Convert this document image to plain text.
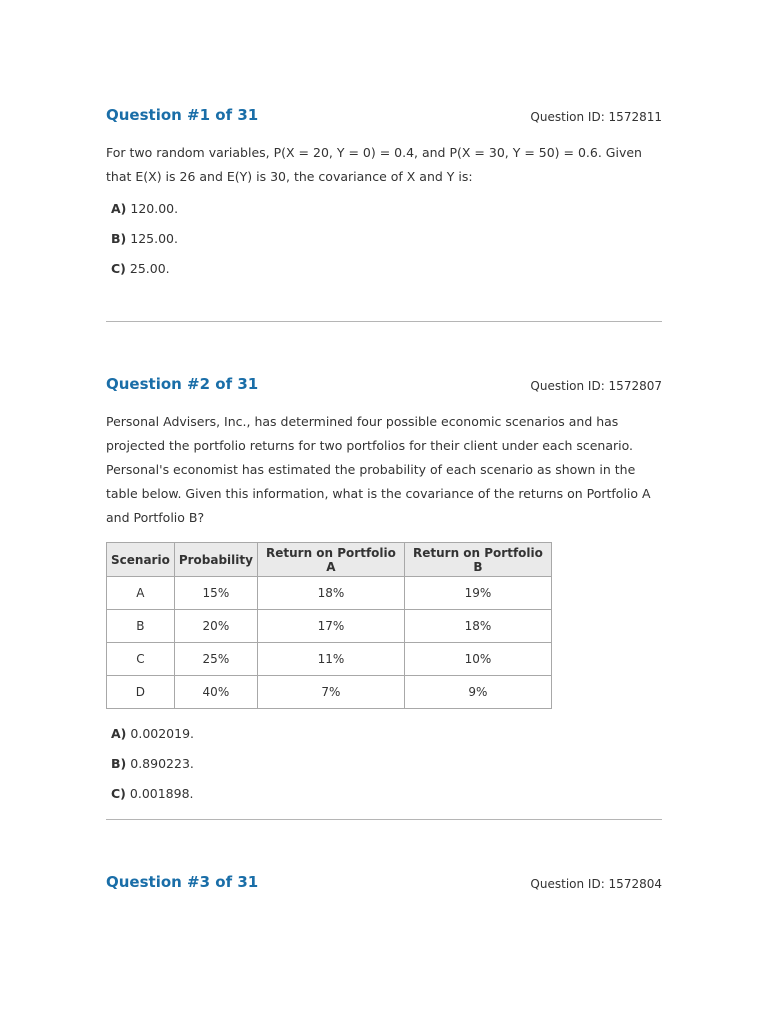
Question #1 of 31	Question ID: 1572811

For two random variables, P(X = 20, Y = 0) = 0.4, and P(X = 30, Y = 50) = 0.6. Given that E(X) is 26 and E(Y) is 30, the covariance of X and Y is:

A) 120.00.
B) 125.00.
C) 25.00.
Question #2 of 31	Question ID: 1572807

Personal Advisers, Inc., has determined four possible economic scenarios and has projected the portfolio returns for two portfolios for their client under each scenario. Personal's economist has estimated the probability of each scenario as shown in the table below. Given this information, what is the covariance of the returns on Portfolio A and Portfolio B?

Scenario	Probability	Return on Portfolio A	Return on Portfolio B
A	15%	18%	19%
B	20%	17%	18%
C	25%	11%	10%
D	40%	7%	9%
A) 0.002019.
B) 0.890223.
C) 0.001898.
Question #3 of 31	Question ID: 1572804
